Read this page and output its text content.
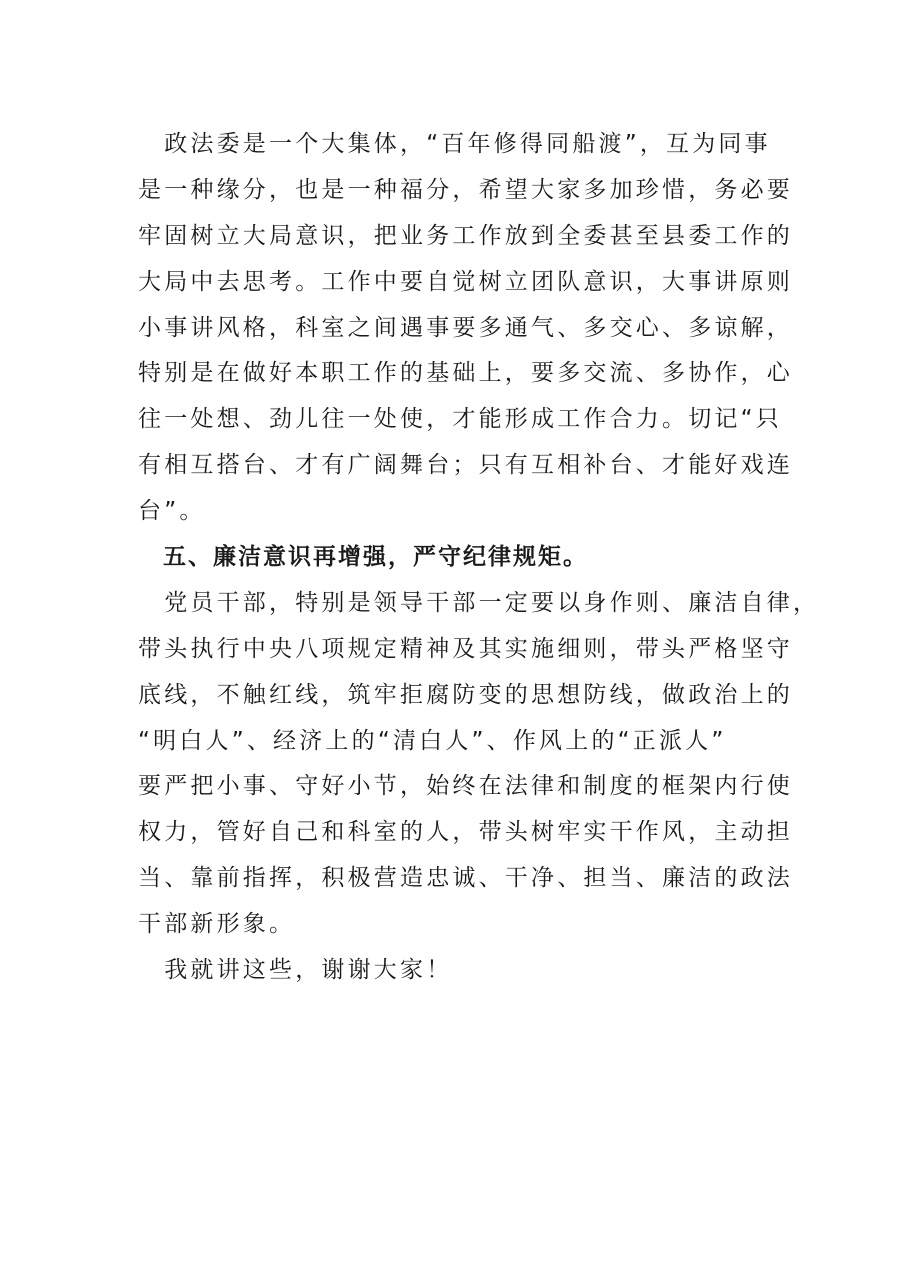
　政法委是一个大集体，“百年修得同船渡”，互为同事
是一种缘分，也是一种福分，希望大家多加珍惜，务必要
牢固树立大局意识，把业务工作放到全委甚至县委工作的
大局中去思考。工作中要自觉树立团队意识，大事讲原则
小事讲风格，科室之间遇事要多通气、多交心、多谅解，
特别是在做好本职工作的基础上，要多交流、多协作，心
往一处想、劲儿往一处使，才能形成工作合力。切记“只
有相互搭台、才有广阔舞台；只有互相补台、才能好戏连
台”。
　五、廉洁意识再增强，严守纪律规矩。
　党员干部，特别是领导干部一定要以身作则、廉洁自律，
带头执行中央八项规定精神及其实施细则，带头严格坚守
底线，不触红线，筑牢拒腐防变的思想防线，做政治上的
“明白人”、经济上的“清白人”、作风上的“正派人”
要严把小事、守好小节，始终在法律和制度的框架内行使
权力，管好自己和科室的人，带头树牢实干作风，主动担
当、靠前指挥，积极营造忠诚、干净、担当、廉洁的政法
干部新形象。
　我就讲这些，谢谢大家！
